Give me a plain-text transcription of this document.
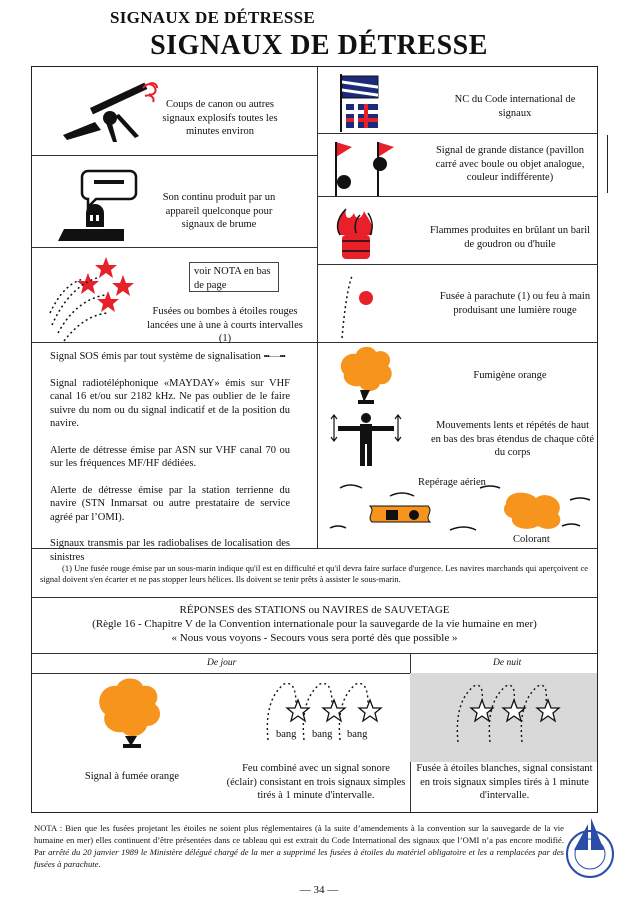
SIGNAUX DE DÉTRESSE
SIGNAUX DE DÉTRESSE
Coups de canon ou autres signaux explosifs toutes les minutes environ
Son continu produit par un appareil quelconque pour signaux de brume
voir NOTA en bas de page
Fusées ou bombes à étoiles rouges lancées une à une à courts intervalles (1)

Signal SOS émis par tout système de signalisation •••−−−•••

Signal radiotéléphonique «MAYDAY» émis sur VHF canal 16 et/ou sur 2182 kHz. Ne pas oublier de le faire suivre du nom ou du signal indicatif et de la position du navire.

Alerte de détresse émise par ASN sur VHF canal 70 ou sur les fréquences MF/HF dédiées.

Alerte de détresse émise par la station terrienne du navire (STN Inmarsat ou autre prestataire de service agréé par l’OMI).

Signaux transmis par les radiobalises de localisation des sinistres

NC du Code international de signaux
Signal de grande distance (pavillon carré avec boule ou objet analogue, couleur indifférente)
Flammes produites en brûlant un baril de goudron ou d'huile
Fusée à parachute (1) ou feu à main produisant une lumière rouge
Fumigène orange
Mouvements lents et répétés de haut en bas des bras étendus de chaque côté du corps
Repérage aérien
Colorant
(1) Une fusée rouge émise par un sous-marin indique qu'il est en difficulté et qu'il devra faire surface d'urgence. Les navires marchands qui aperçoivent ce signal doivent s'en écarter et ne pas stopper leurs hélices. Ils doivent se tenir prêts à assister le sous-marin.
RÉPONSES des STATIONS ou NAVIRES de SAUVETAGE
(Règle 16 - Chapitre V de la Convention internationale pour la sauvegarde de la vie humaine en mer)
« Nous vous voyons - Secours vous sera porté dès que possible »
De jour	De nuit
Signal à fumée orange
bang bang bang
Feu combiné avec un signal sonore (éclair) consistant en trois signaux simples tirés à 1 minute d'intervalle.
Fusée à étoiles blanches, signal consistant en trois signaux simples tirés à 1 minute d'intervalle.
NOTA : Bien que les fusées projetant les étoiles ne soient plus réglementaires (à la suite d’amendements à la convention sur la sauvegarde de la vie humaine en mer) elles continuent d’être présentées dans ce tableau qui est extrait du Code International des signaux que l’OMI n’a pas encore modifié. Par arrêté du 20 janvier 1989 le Ministère délégué chargé de la mer a supprimé les fusées à étoiles du matériel obligatoire et les a remplacées par des fusées à parachute.
— 34 —
